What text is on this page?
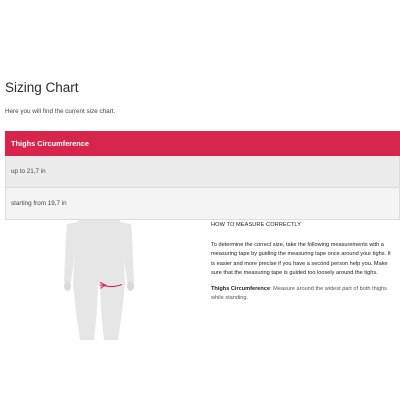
Sizing Chart

Here you will find the current size chart.

Thighs Circumference
up to 21,7 in
starting from 19,7 in
HOW TO MEASURE CORRECTLY

To determine the correct size, take the following measurements with a measuring tape by guiding the measuring tape once around your tighs. It is easier and more precise if you have a second person help you. Make sure that the measuring tape is guided too loosely around the tighs.

Thighs Circumference: Measure around the widest part of both thighs while standing.
